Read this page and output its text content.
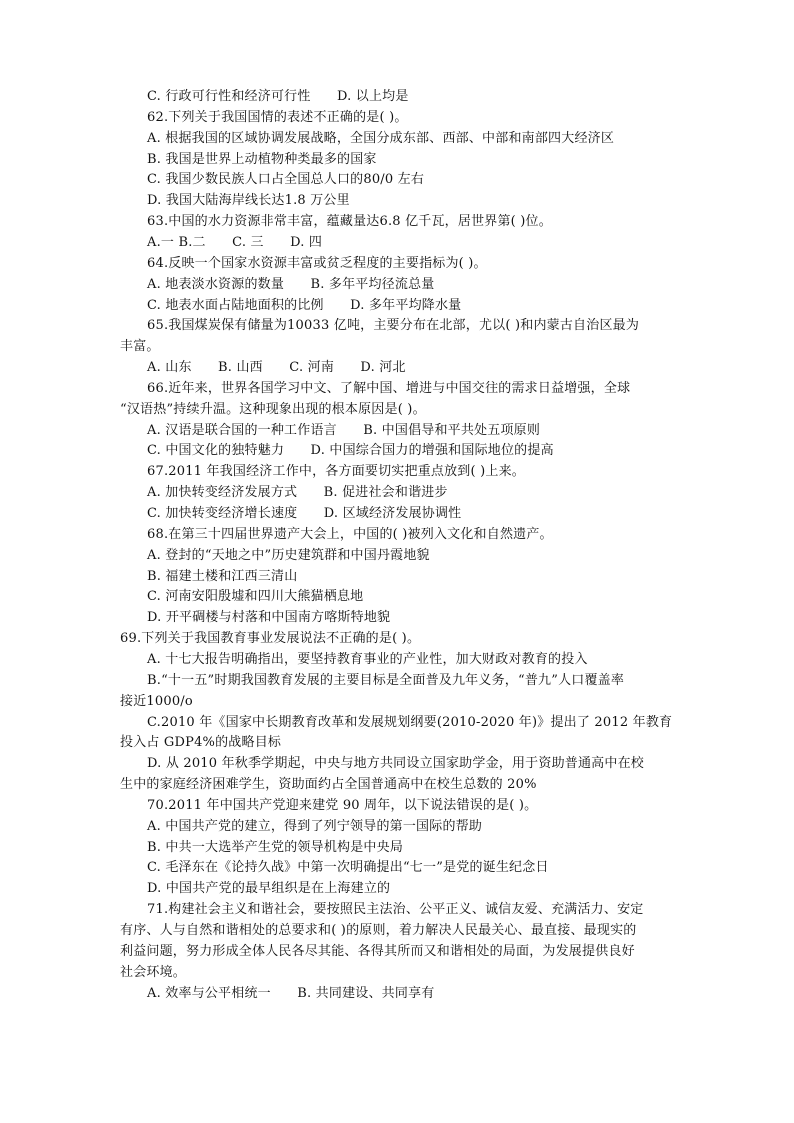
C. 行政可行性和经济可行性　　D. 以上均是
62.下列关于我国国情的表述不正确的是( )。
A. 根据我国的区域协调发展战略，全国分成东部、西部、中部和南部四大经济区
B. 我国是世界上动植物种类最多的国家
C. 我国少数民族人口占全国总人口的80/0 左右
D. 我国大陆海岸线长达1.8 万公里
63.中国的水力资源非常丰富，蕴藏量达6.8 亿千瓦，居世界第( )位。
A.一 B.二　　C. 三　　D. 四
64.反映一个国家水资源丰富或贫乏程度的主要指标为( )。
A. 地表淡水资源的数量　　B. 多年平均径流总量
C. 地表水面占陆地面积的比例　　D. 多年平均降水量
65.我国煤炭保有储量为10033 亿吨，主要分布在北部，尤以( )和内蒙古自治区最为
丰富。
A. 山东　　B. 山西　　C. 河南　　D. 河北
66.近年来，世界各国学习中文、了解中国、增进与中国交往的需求日益增强，全球
“汉语热”持续升温。这种现象出现的根本原因是( )。
A. 汉语是联合国的一种工作语言　　B. 中国倡导和平共处五项原则
C. 中国文化的独特魅力　　D. 中国综合国力的增强和国际地位的提高
67.2011 年我国经济工作中，各方面要切实把重点放到( )上来。
A. 加快转变经济发展方式　　B. 促进社会和谐进步
C. 加快转变经济增长速度　　D. 区域经济发展协调性
68.在第三十四届世界遗产大会上，中国的( )被列入文化和自然遗产。
A. 登封的“天地之中”历史建筑群和中国丹霞地貌
B. 福建土楼和江西三清山
C. 河南安阳殷墟和四川大熊猫栖息地
D. 开平碉楼与村落和中国南方喀斯特地貌
69.下列关于我国教育事业发展说法不正确的是( )。
A. 十七大报告明确指出，要坚持教育事业的产业性，加大财政对教育的投入
B.“十一五”时期我国教育发展的主要目标是全面普及九年义务，“普九”人口覆盖率
接近1000/o
C.2010 年《国家中长期教育改革和发展规划纲要(2010-2020 年)》提出了 2012 年教育
投入占 GDP4%的战略目标
D. 从 2010 年秋季学期起，中央与地方共同设立国家助学金，用于资助普通高中在校
生中的家庭经济困难学生，资助面约占全国普通高中在校生总数的 20%
70.2011 年中国共产党迎来建党 90 周年，以下说法错误的是( )。
A. 中国共产党的建立，得到了列宁领导的第一国际的帮助
B. 中共一大选举产生党的领导机构是中央局
C. 毛泽东在《论持久战》中第一次明确提出“七一”是党的诞生纪念日
D. 中国共产党的最早组织是在上海建立的
71.构建社会主义和谐社会，要按照民主法治、公平正义、诚信友爱、充满活力、安定
有序、人与自然和谐相处的总要求和( )的原则，着力解决人民最关心、最直接、最现实的
利益问题，努力形成全体人民各尽其能、各得其所而又和谐相处的局面，为发展提供良好
社会环境。
A. 效率与公平相统一　　B. 共同建设、共同享有
